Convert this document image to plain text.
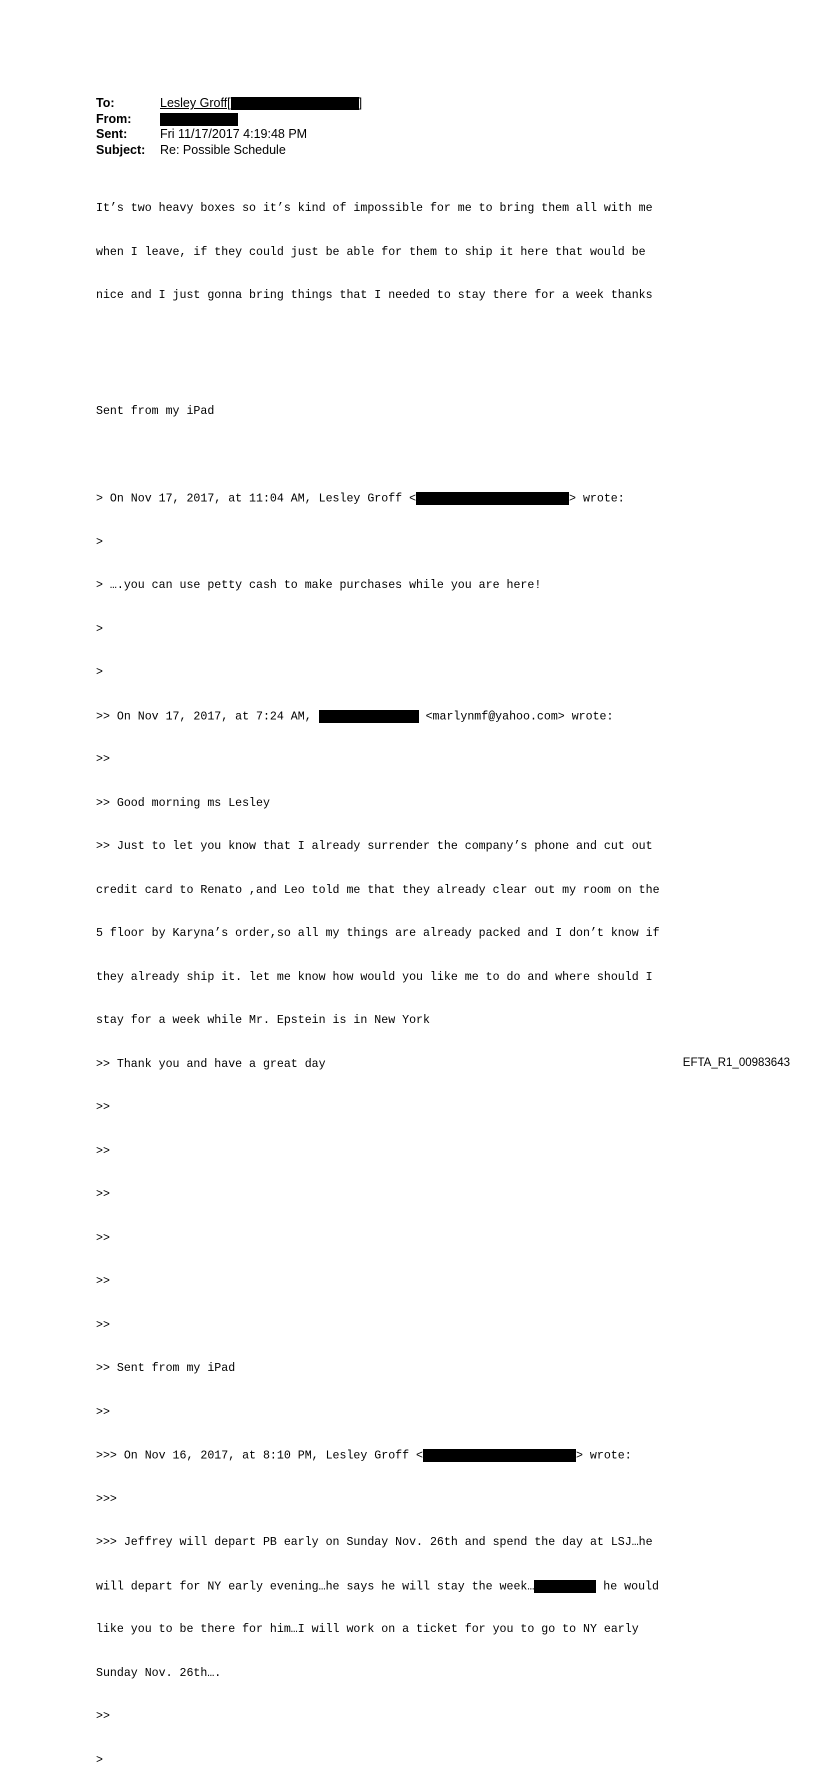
To:	Lesley Groff[	]
From:
Sent:	Fri 11/17/2017 4:19:48 PM
Subject:	Re: Possible Schedule

It’s two heavy boxes so it’s kind of impossible for me to bring them all with me

when I leave, if they could just be able for them to ship it here that would be

nice and I just gonna bring things that I needed to stay there for a week thanks

Sent from my iPad

> On Nov 17, 2017, at 11:04 AM, Lesley Groff <	> wrote:

>

> ….you can use petty cash to make purchases while you are here!

>

>

>> On Nov 17, 2017, at 7:24 AM,	<marlynmf@yahoo.com> wrote:

>>

>> Good morning ms Lesley

>> Just to let you know that I already surrender the company’s phone and cut out

credit card to Renato ,and Leo told me that they already clear out my room on the

5 floor by Karyna’s order,so all my things are already packed and I don’t know if

they already ship it. let me know how would you like me to do and where should I

stay for a week while Mr. Epstein is in New York

>> Thank you and have a great day

>>

>>

>>

>>

>>

>>

>> Sent from my iPad

>>

>>> On Nov 16, 2017, at 8:10 PM, Lesley Groff <	> wrote:

>>>

>>> Jeffrey will depart PB early on Sunday Nov. 26th and spend the day at LSJ…he

will depart for NY early evening…he says he will stay the week…	he would

like you to be there for him…I will work on a ticket for you to go to NY early

Sunday Nov. 26th….

>>

>

EFTA_R1_00983643
